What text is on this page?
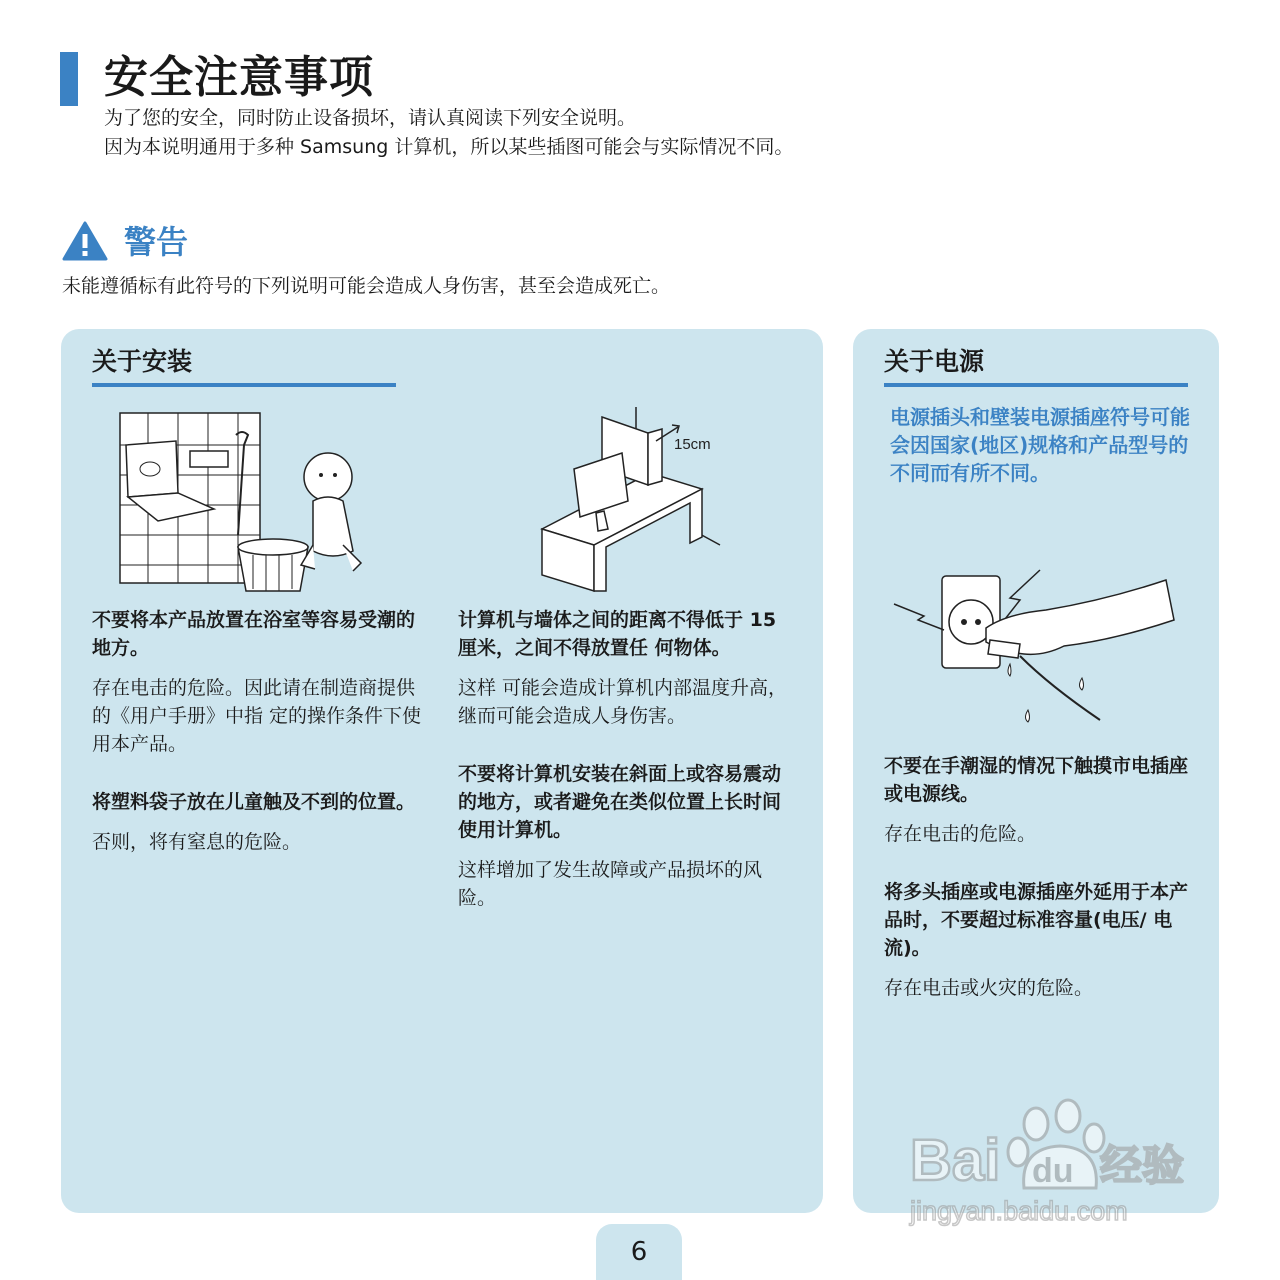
安全注意事项
为了您的安全，同时防止设备损坏，请认真阅读下列安全说明。
因为本说明通用于多种 Samsung 计算机，所以某些插图可能会与实际情况不同。
警告
未能遵循标有此符号的下列说明可能会造成人身伤害，甚至会造成死亡。
关于安装
15cm

不要将本产品放置在浴室等容易受潮的地方。

存在电击的危险。因此请在制造商提供的《用户手册》中指 定的操作条件下使用本产品。

将塑料袋子放在儿童触及不到的位置。

否则，将有窒息的危险。

计算机与墙体之间的距离不得低于 15 厘米，之间不得放置任 何物体。

这样 可能会造成计算机内部温度升高，继而可能会造成人身伤害。

不要将计算机安装在斜面上或容易震动的地方，或者避免在类似位置上长时间使用计算机。

这样增加了发生故障或产品损坏的风险。

关于电源
电源插头和壁装电源插座符号可能会因国家(地区)规格和产品型号的不同而有所不同。

不要在手潮湿的情况下触摸市电插座或电源线。

存在电击的危险。

将多头插座或电源插座外延用于本产品时，不要超过标准容量(电压/ 电流)。

存在电击或火灾的危险。

Bai du 经验
jingyan.baidu.com
6
